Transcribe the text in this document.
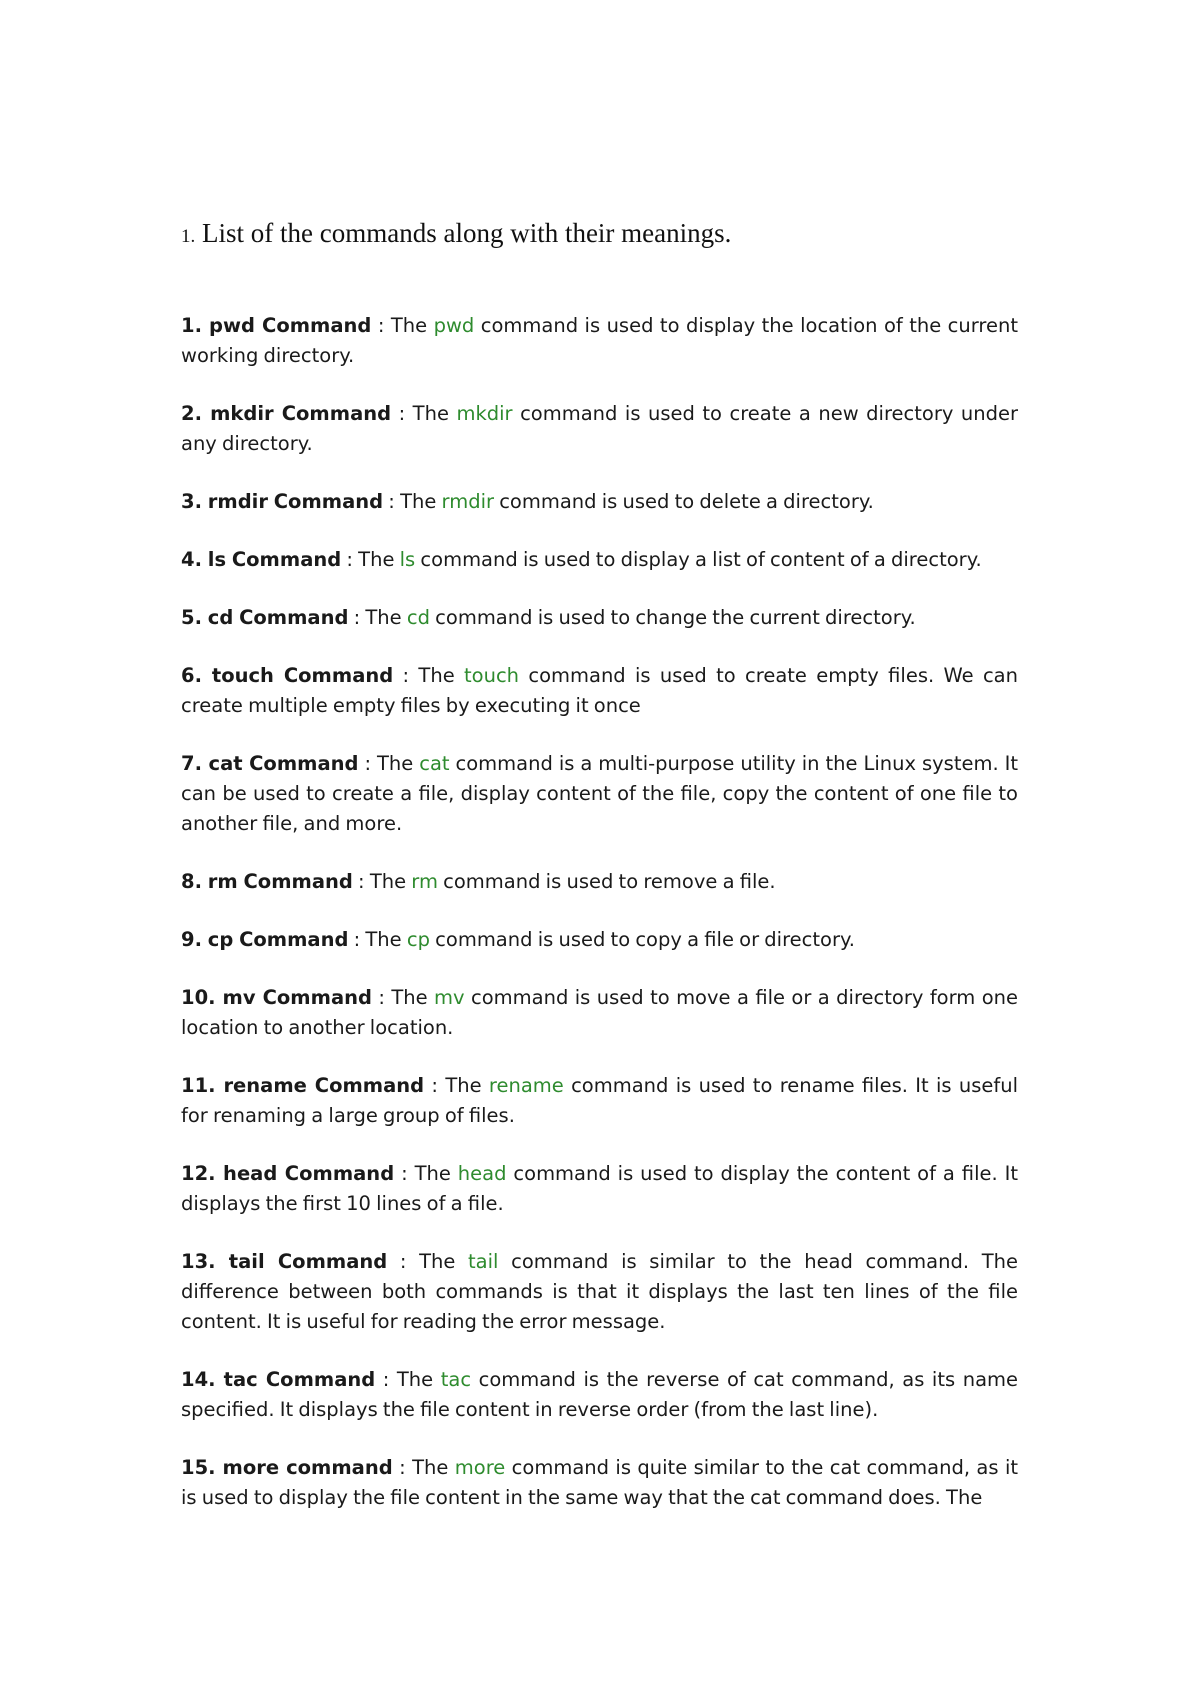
1. List of the commands along with their meanings.

1. pwd Command : The pwd command is used to display the location of the current working directory.

2. mkdir Command : The mkdir command is used to create a new directory under any directory.

3. rmdir Command : The rmdir command is used to delete a directory.

4. ls Command : The ls command is used to display a list of content of a directory.

5. cd Command : The cd command is used to change the current directory.

6. touch Command : The touch command is used to create empty files. We can create multiple empty files by executing it once

7. cat Command : The cat command is a multi-purpose utility in the Linux system. It can be used to create a file, display content of the file, copy the content of one file to another file, and more.

8. rm Command : The rm command is used to remove a file.

9. cp Command : The cp command is used to copy a file or directory.

10. mv Command : The mv command is used to move a file or a directory form one location to another location.

11. rename Command : The rename command is used to rename files. It is useful for renaming a large group of files.

12. head Command : The head command is used to display the content of a file. It displays the first 10 lines of a file.

13. tail Command : The tail command is similar to the head command. The difference between both commands is that it displays the last ten lines of the file content. It is useful for reading the error message.

14. tac Command : The tac command is the reverse of cat command, as its name specified. It displays the file content in reverse order (from the last line).

15. more command : The more command is quite similar to the cat command, as it is used to display the file content in the same way that the cat command does. The
